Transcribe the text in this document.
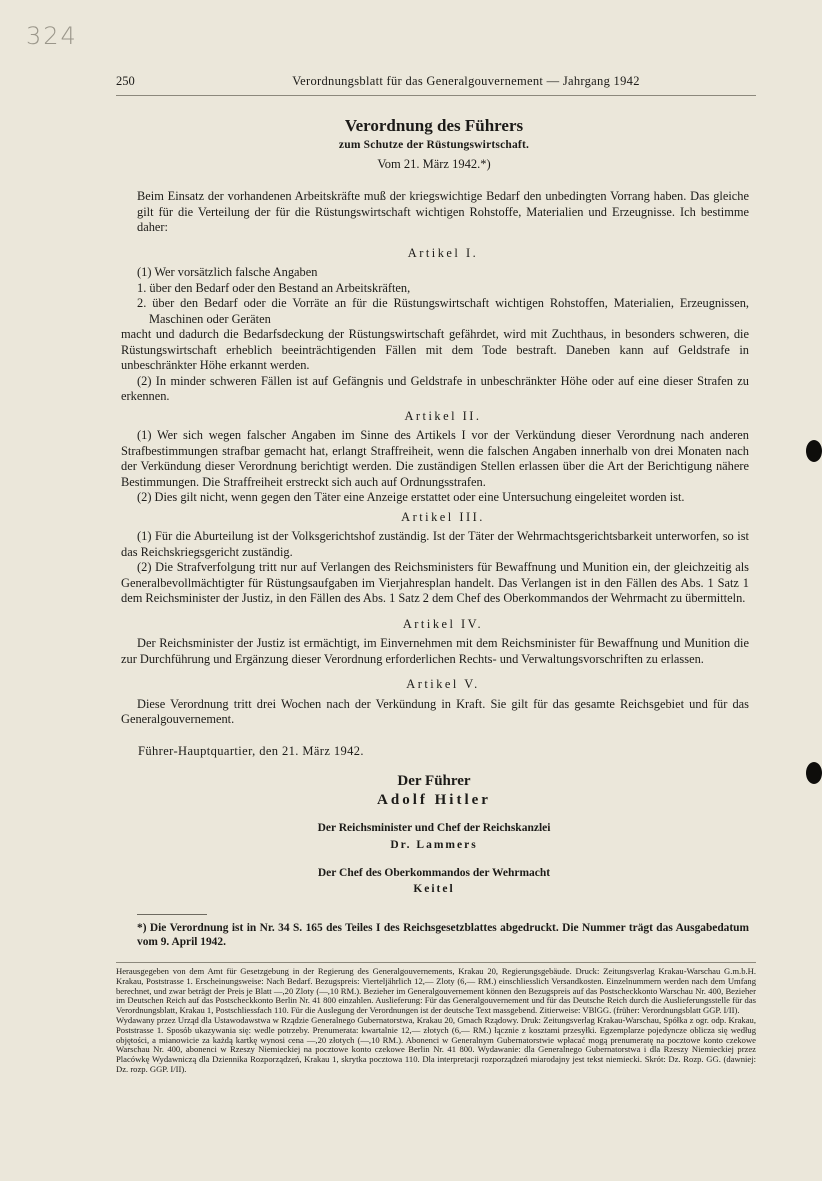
324
250	Verordnungsblatt für das Generalgouvernement — Jahrgang 1942
Verordnung des Führers
zum Schutze der Rüstungswirtschaft.
Vom 21. März 1942.*)

Beim Einsatz der vorhandenen Arbeitskräfte muß der kriegswichtige Bedarf den unbedingten Vorrang haben. Das gleiche gilt für die Verteilung der für die Rüstungswirtschaft wichtigen Rohstoffe, Materialien und Erzeugnisse. Ich bestimme daher:

Artikel I.

(1) Wer vorsätzlich falsche Angaben

1. über den Bedarf oder den Bestand an Arbeitskräften,

2. über den Bedarf oder die Vorräte an für die Rüstungswirtschaft wichtigen Rohstoffen, Materialien, Erzeugnissen, Maschinen oder Geräten

macht und dadurch die Bedarfsdeckung der Rüstungswirtschaft gefährdet, wird mit Zuchthaus, in besonders schweren, die Rüstungswirtschaft erheblich beeinträchtigenden Fällen mit dem Tode bestraft. Daneben kann auf Geldstrafe in unbeschränkter Höhe erkannt werden.

(2) In minder schweren Fällen ist auf Gefängnis und Geldstrafe in unbeschränkter Höhe oder auf eine dieser Strafen zu erkennen.

Artikel II.

(1) Wer sich wegen falscher Angaben im Sinne des Artikels I vor der Verkündung dieser Verordnung nach anderen Strafbestimmungen strafbar gemacht hat, erlangt Straffreiheit, wenn die falschen Angaben innerhalb von drei Monaten nach der Verkündung dieser Verordnung berichtigt werden. Die zuständigen Stellen erlassen über die Art der Berichtigung nähere Bestimmungen. Die Straffreiheit erstreckt sich auch auf Ordnungsstrafen.

(2) Dies gilt nicht, wenn gegen den Täter eine Anzeige erstattet oder eine Untersuchung eingeleitet worden ist.

Artikel III.

(1) Für die Aburteilung ist der Volksgerichtshof zuständig. Ist der Täter der Wehrmachtsgerichtsbarkeit unterworfen, so ist das Reichskriegsgericht zuständig.

(2) Die Strafverfolgung tritt nur auf Verlangen des Reichsministers für Bewaffnung und Munition ein, der gleichzeitig als Generalbevollmächtigter für Rüstungsaufgaben im Vierjahresplan handelt. Das Verlangen ist in den Fällen des Abs. 1 Satz 1 dem Reichsminister der Justiz, in den Fällen des Abs. 1 Satz 2 dem Chef des Oberkommandos der Wehrmacht zu übermitteln.

Artikel IV.

Der Reichsminister der Justiz ist ermächtigt, im Einvernehmen mit dem Reichsminister für Bewaffnung und Munition die zur Durchführung und Ergänzung dieser Verordnung erforderlichen Rechts- und Verwaltungsvorschriften zu erlassen.

Artikel V.

Diese Verordnung tritt drei Wochen nach der Verkündung in Kraft. Sie gilt für das gesamte Reichsgebiet und für das Generalgouvernement.

Führer-Hauptquartier, den 21. März 1942.
Der Führer
Adolf Hitler
Der Reichsminister und Chef der Reichskanzlei
Dr. Lammers
Der Chef des Oberkommandos der Wehrmacht
Keitel
*) Die Verordnung ist in Nr. 34 S. 165 des Teiles I des Reichsgesetzblattes abgedruckt. Die Nummer trägt das Ausgabedatum vom 9. April 1942.

Herausgegeben von dem Amt für Gesetzgebung in der Regierung des Generalgouvernements, Krakau 20, Regierungsgebäude. Druck: Zeitungsverlag Krakau-Warschau G.m.b.H. Krakau, Poststrasse 1. Erscheinungsweise: Nach Bedarf. Bezugspreis: Vierteljährlich 12,— Zloty (6,— RM.) einschliesslich Versandkosten. Einzelnummern werden nach dem Umfang berechnet, und zwar beträgt der Preis je Blatt —,20 Zloty (—,10 RM.). Bezieher im Generalgouvernement können den Bezugspreis auf das Postscheckkonto Warschau Nr. 400, Bezieher im Deutschen Reich auf das Postscheckkonto Berlin Nr. 41 800 einzahlen. Auslieferung: Für das Generalgouvernement und für das Deutsche Reich durch die Auslieferungsstelle für das Verordnungsblatt, Krakau 1, Postschliessfach 110. Für die Auslegung der Verordnungen ist der deutsche Text massgebend. Zitierweise: VBlGG. (früher: Verordnungsblatt GGP. I/II).

Wydawany przez Urząd dla Ustawodawstwa w Rządzie Generalnego Gubernatorstwa, Krakau 20, Gmach Rządowy. Druk: Zeitungsverlag Krakau-Warschau, Spółka z ogr. odp. Krakau, Poststrasse 1. Sposób ukazywania się: wedle potrzeby. Prenumerata: kwartalnie 12,— złotych (6,— RM.) łącznie z kosztami przesyłki. Egzemplarze pojedyncze oblicza się według objętości, a mianowicie za każdą kartkę wynosi cena —,20 złotych (—,10 RM.). Abonenci w Generalnym Gubernatorstwie wpłacać mogą prenumeratę na pocztowe konto czekowe Warschau Nr. 400, abonenci w Rzeszy Niemieckiej na pocztowe konto czekowe Berlin Nr. 41 800. Wydawanie: dla Generalnego Gubernatorstwa i dla Rzeszy Niemieckiej przez Placówkę Wydawniczą dla Dziennika Rozporządzeń, Krakau 1, skrytka pocztowa 110. Dla interpretacji rozporządzeń miarodajny jest tekst niemiecki. Skrót: Dz. Rozp. GG. (dawniej: Dz. rozp. GGP. I/II).
